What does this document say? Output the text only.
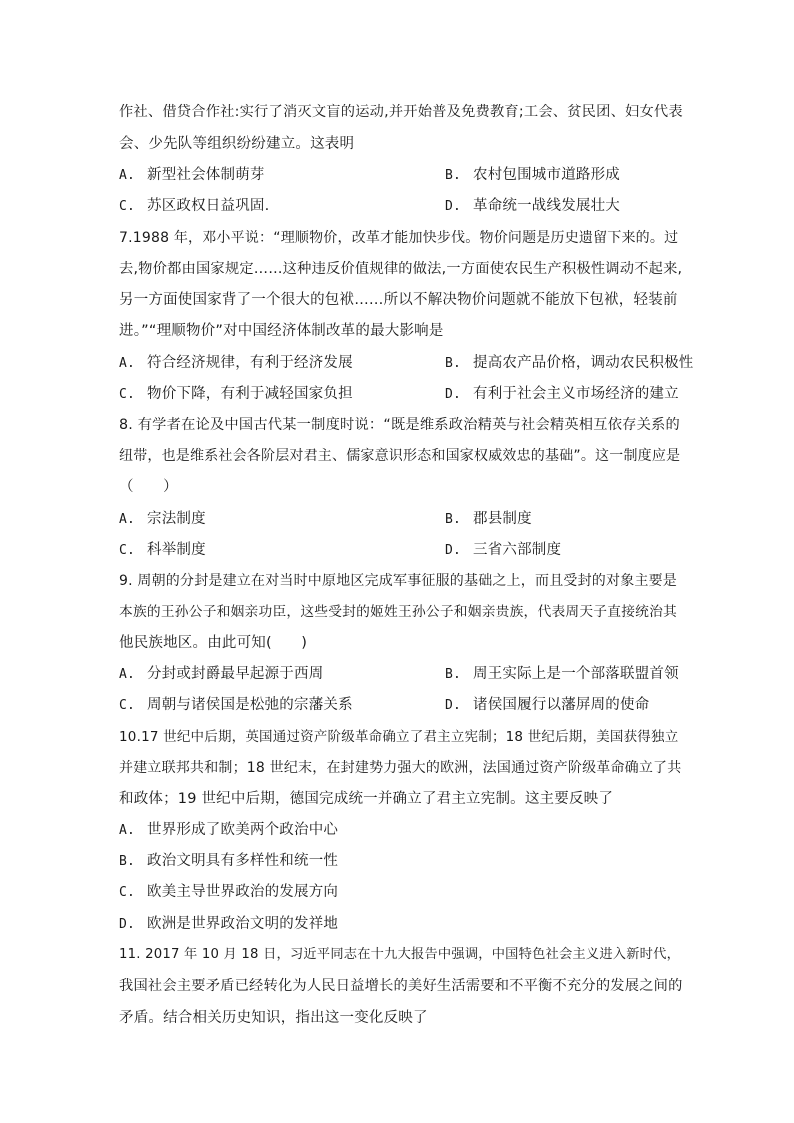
作社、借贷合作社:实行了消灭文盲的运动,并开始普及免费教育;工会、贫民团、妇女代表
会、少先队等组织纷纷建立。这表明
A. 新型社会体制萌芽	B. 农村包围城市道路形成
C. 苏区政权日益巩固.	D. 革命统一战线发展壮大
7.1988 年，邓小平说：“理顺物价，改革才能加快步伐。物价问题是历史遗留下来的。过
去,物价都由国家规定……这种违反价值规律的做法,一方面使农民生产积极性调动不起来,
另一方面使国家背了一个很大的包袱……所以不解决物价问题就不能放下包袱，轻装前
进。”“理顺物价”对中国经济体制改革的最大影响是
A. 符合经济规律，有利于经济发展	B. 提高农产品价格，调动农民积极性
C. 物价下降，有利于减轻国家负担	D. 有利于社会主义市场经济的建立
8. 有学者在论及中国古代某一制度时说：“既是维系政治精英与社会精英相互依存关系的
纽带，也是维系社会各阶层对君主、儒家意识形态和国家权威效忠的基础”。这一制度应是
（　　）
A. 宗法制度	B. 郡县制度
C. 科举制度	D. 三省六部制度
9. 周朝的分封是建立在对当时中原地区完成军事征服的基础之上，而且受封的对象主要是
本族的王孙公子和姻亲功臣，这些受封的姬姓王孙公子和姻亲贵族，代表周天子直接统治其
他民族地区。由此可知(　　)
A. 分封或封爵最早起源于西周	B. 周王实际上是一个部落联盟首领
C. 周朝与诸侯国是松弛的宗藩关系	D. 诸侯国履行以藩屏周的使命
10.17 世纪中后期，英国通过资产阶级革命确立了君主立宪制；18 世纪后期，美国获得独立
并建立联邦共和制；18 世纪末，在封建势力强大的欧洲，法国通过资产阶级革命确立了共
和政体；19 世纪中后期，德国完成统一并确立了君主立宪制。这主要反映了
A. 世界形成了欧美两个政治中心
B. 政治文明具有多样性和统一性
C. 欧美主导世界政治的发展方向
D. 欧洲是世界政治文明的发祥地
11. 2017 年 10 月 18 日，习近平同志在十九大报告中强调，中国特色社会主义进入新时代，
我国社会主要矛盾已经转化为人民日益增长的美好生活需要和不平衡不充分的发展之间的
矛盾。结合相关历史知识，指出这一变化反映了
